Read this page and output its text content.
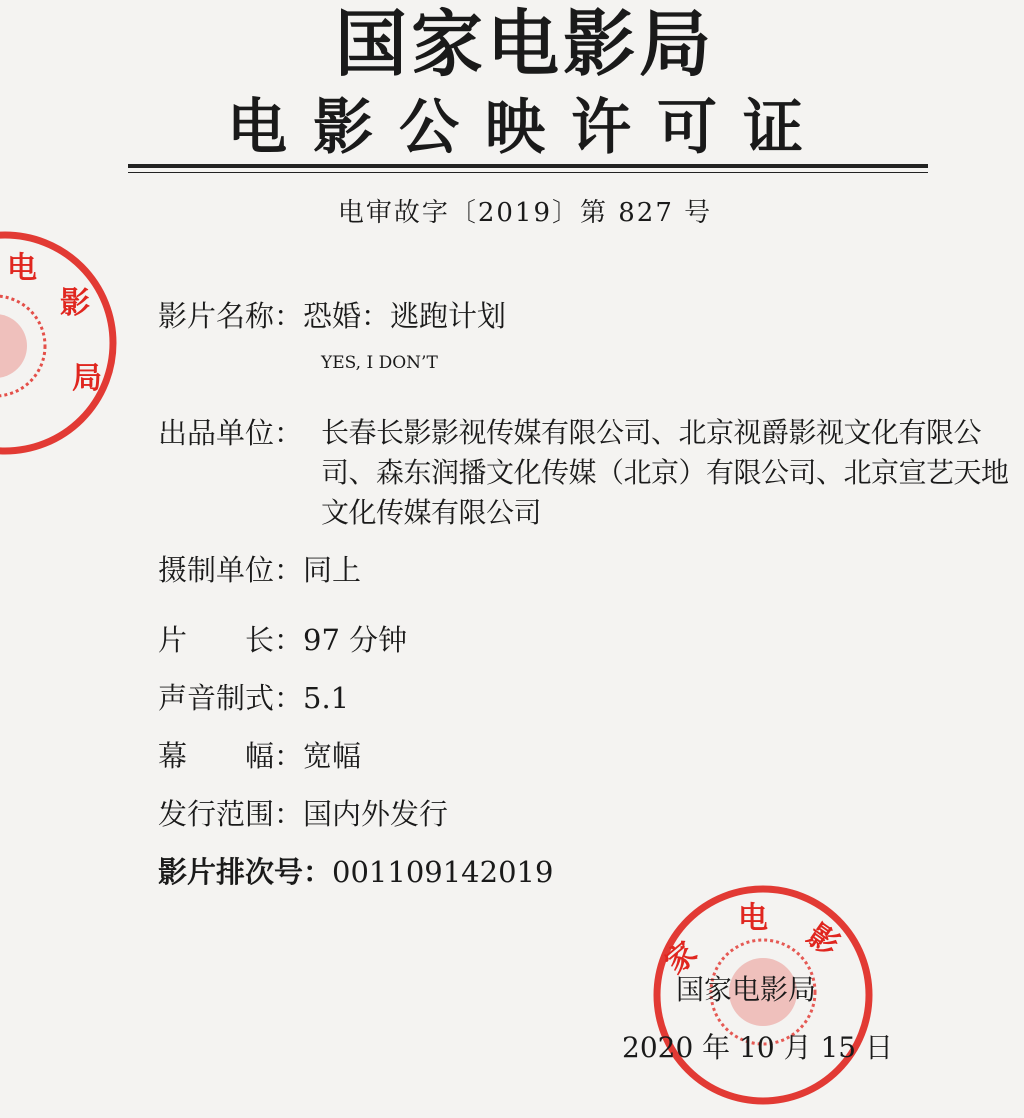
国家电影局
电影公映许可证
电审故字〔2019〕第 827 号
电
影
局
影片名称：恐婚：逃跑计划
YES, I DON’T
出品单位： 长春长影影视传媒有限公司、北京视爵影视文化有限公司、森东润播文化传媒（北京）有限公司、北京宣艺天地文化传媒有限公司
摄制单位：同上
片　　长：97 分钟
声音制式：5.1
幕　　幅：宽幅
发行范围：国内外发行
影片排次号：001109142019
家
电 影
国家电影局
2020 年 10 月 15 日
